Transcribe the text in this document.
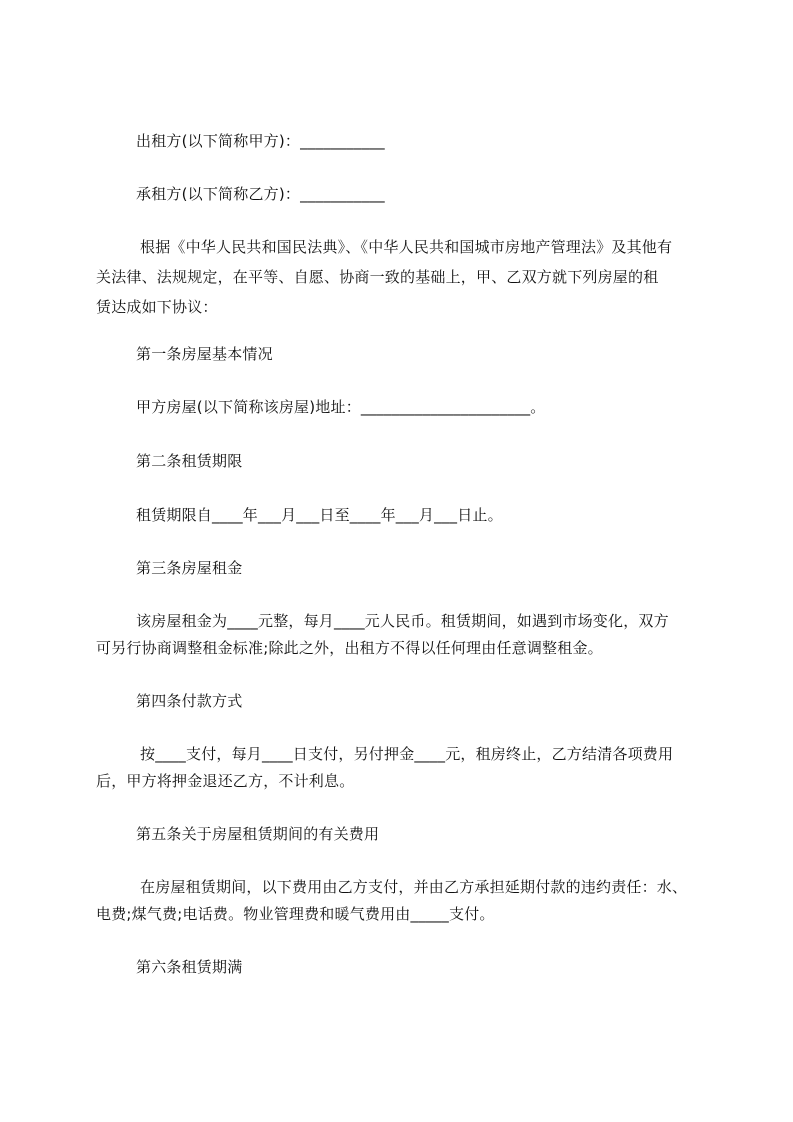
出租方(以下简称甲方)：___________
承租方(以下简称乙方)：___________
根据《中华人民共和国民法典》、《中华人民共和国城市房地产管理法》及其他有
关法律、法规规定，在平等、自愿、协商一致的基础上，甲、乙双方就下列房屋的租
赁达成如下协议：
第一条房屋基本情况
甲方房屋(以下简称该房屋)地址：______________________。
第二条租赁期限
租赁期限自____年___月___日至____年___月___日止。
第三条房屋租金
该房屋租金为____元整，每月____元人民币。租赁期间，如遇到市场变化，双方
可另行协商调整租金标准;除此之外，出租方不得以任何理由任意调整租金。
第四条付款方式
按____支付，每月____日支付，另付押金____元，租房终止，乙方结清各项费用
后，甲方将押金退还乙方，不计利息。
第五条关于房屋租赁期间的有关费用
在房屋租赁期间，以下费用由乙方支付，并由乙方承担延期付款的违约责任：水、
电费;煤气费;电话费。物业管理费和暖气费用由_____支付。
第六条租赁期满
